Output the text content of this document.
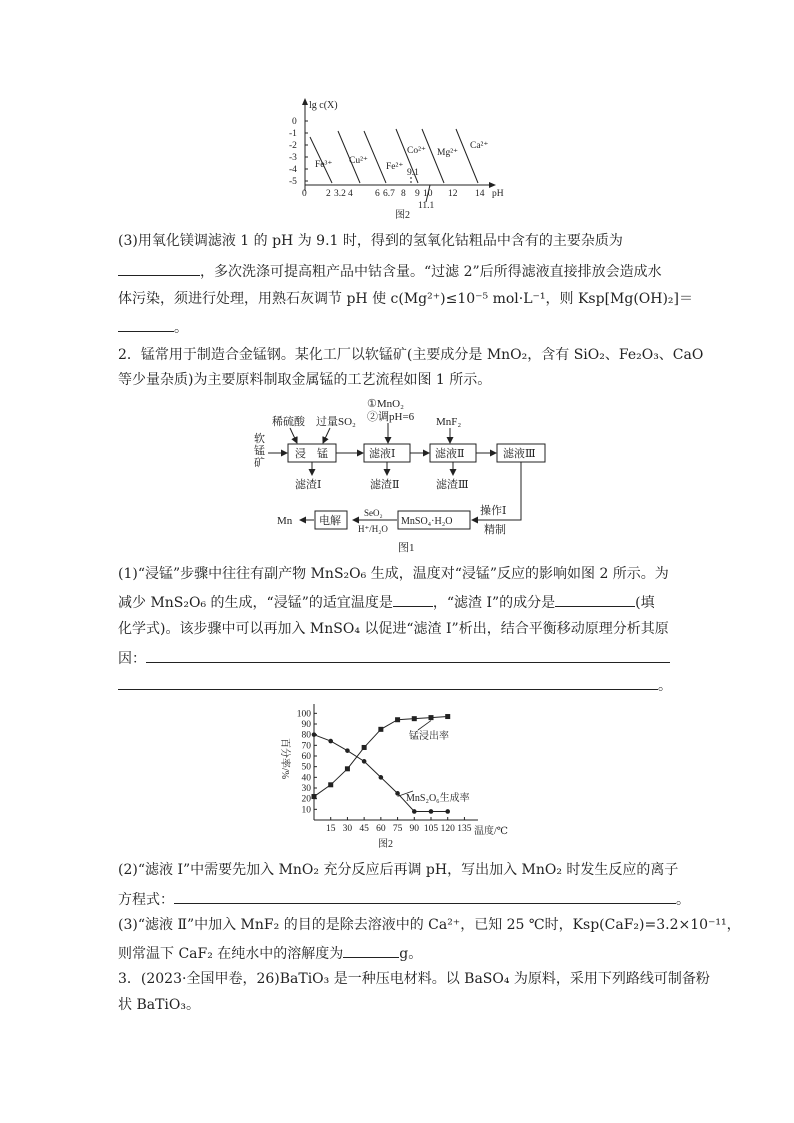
lg c(X)
0
-1
-2
-3
-4
-5
0 2 3.2 4 6 6.7 8 9 10 12 14 pH
Fe³⁺ Cu²⁺
Fe²⁺
Co²⁺ Mg²⁺
Ca²⁺
9.1
11.1
图2
(3)用氧化镁调滤液 1 的 pH 为 9.1 时，得到的氢氧化钴粗品中含有的主要杂质为
，多次洗涤可提高粗产品中钴含量。“过滤 2”后所得滤液直接排放会造成水
体污染，须进行处理，用熟石灰调节 pH 使 c(Mg²⁺)≤10⁻⁵ mol·L⁻¹，则 Ksp[Mg(OH)₂]＝
。
2．锰常用于制造合金锰钢。某化工厂以软锰矿(主要成分是 MnO₂，含有 SiO₂、Fe₂O₃、CaO
等少量杂质)为主要原料制取金属锰的工艺流程如图 1 所示。
软
锰
矿
稀硫酸 过量SO₂
①MnO₂
②调pH=6 MnF₂
浸　锰	滤液Ⅰ	滤液Ⅱ	滤液Ⅲ
滤渣Ⅰ	滤渣Ⅱ	滤渣Ⅲ
操作Ⅰ
精制
MnSO₄·H₂O
电解
Mn
SeO₂
H⁺/H₂O
图1
(1)“浸锰”步骤中往往有副产物 MnS₂O₆ 生成，温度对“浸锰”反应的影响如图 2 所示。为
减少 MnS₂O₆ 的生成，“浸锰”的适宜温度是	，“滤渣 Ⅰ”的成分是	(填
化学式)。该步骤中可以再加入 MnSO₄ 以促进“滤渣 Ⅰ”析出，结合平衡移动原理分析其原
因：
。
百分率/%
10
20
30
40
50
60
70
80
90
100
15 30 45 60 75 90 105 120 135 温度/℃
锰浸出率
MnS₂O₆生成率
图2
(2)“滤液 Ⅰ”中需要先加入 MnO₂ 充分反应后再调 pH，写出加入 MnO₂ 时发生反应的离子
方程式：	。
(3)“滤液 Ⅱ”中加入 MnF₂ 的目的是除去溶液中的 Ca²⁺，已知 25 ℃时，Ksp(CaF₂)=3.2×10⁻¹¹，
则常温下 CaF₂ 在纯水中的溶解度为	g。
3．(2023·全国甲卷，26)BaTiO₃ 是一种压电材料。以 BaSO₄ 为原料，采用下列路线可制备粉
状 BaTiO₃。
